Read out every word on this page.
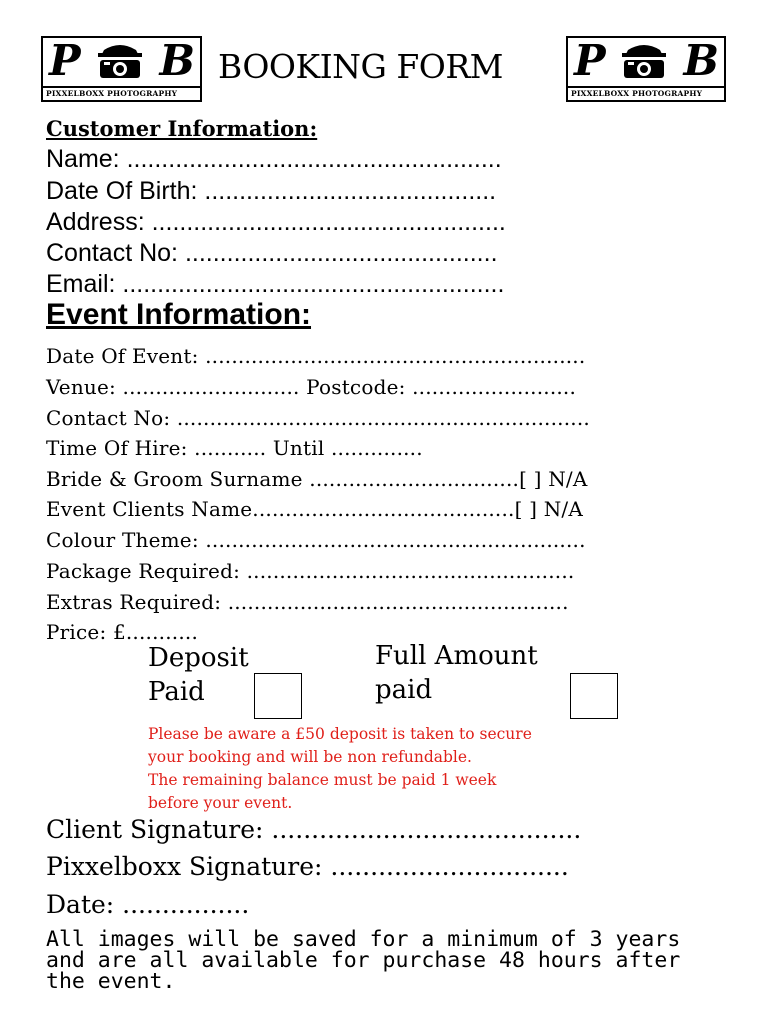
P B
PIXXELBOXX PHOTOGRAPHY
BOOKING FORM P B
PIXXELBOXX PHOTOGRAPHY
Customer Information:
Name: ......................................................
Date Of Birth: ..........................................
Address: ...................................................
Contact No: .............................................
Email: .......................................................
Event Information:
Date Of Event: ..........................................................
Venue: ........................... Postcode: .........................
Contact No: ...............................................................
Time Of Hire: ........... Until ..............
Bride & Groom Surname ................................[ ] N/A
Event Clients Name........................................[ ] N/A
Colour Theme: ..........................................................
Package Required: ..................................................
Extras Required: ....................................................
Price: £...........
Deposit
Paid
Full Amount
paid
Please be aware a £50 deposit is taken to secure
your booking and will be non refundable.
The remaining balance must be paid 1 week
before your event.
Client Signature: .......................................
Pixxelboxx Signature: ..............................
Date: ................
All images will be saved for a minimum of 3 years
and are all available for purchase 48 hours after
the event.
